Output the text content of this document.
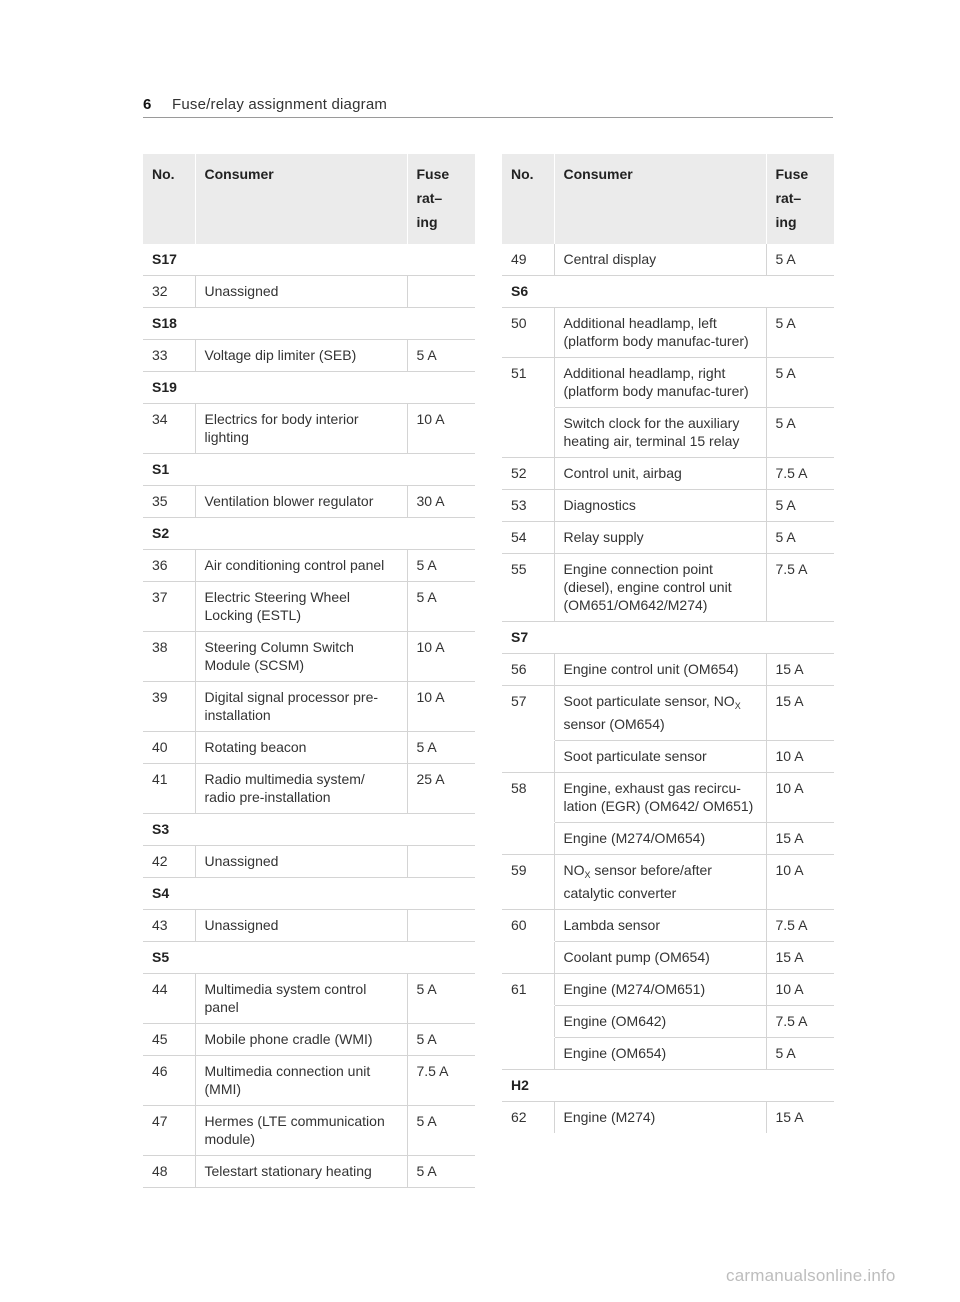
6	Fuse/relay assignment diagram
No.	Consumer	Fuse
rat–
ing

S17		
32	Unassigned	
S18		
33	Voltage dip limiter (SEB)	5 A
S19		
34	Electrics for body interior lighting	10 A
S1		
35	Ventilation blower regulator	30 A
S2		
36	Air conditioning control panel	5 A
37	Electric Steering Wheel Locking (ESTL)	5 A
38	Steering Column Switch Module (SCSM)	10 A
39	Digital signal processor pre-installation	10 A
40	Rotating beacon	5 A
41	Radio multimedia system/ radio pre-installation	25 A
S3		
42	Unassigned	
S4		
43	Unassigned	
S5		
44	Multimedia system control panel	5 A
45	Mobile phone cradle (WMI)	5 A
46	Multimedia connection unit (MMI)	7.5 A
47	Hermes (LTE communication module)	5 A
48	Telestart stationary heating	5 A
No.	Consumer	Fuse
rat–
ing

49	Central display	5 A
S6		
50	Additional headlamp, left (platform body manufac-turer)	5 A
51	Additional headlamp, right (platform body manufac-turer)	5 A
	Switch clock for the auxiliary heating air, terminal 15 relay	5 A
52	Control unit, airbag	7.5 A
53	Diagnostics	5 A
54	Relay supply	5 A
55	Engine connection point (diesel), engine control unit (OM651/OM642/M274)	7.5 A
S7		
56	Engine control unit (OM654)	15 A
57	Soot particulate sensor, $NO_X$ sensor (OM654)	15 A
	Soot particulate sensor	10 A
58	Engine, exhaust gas recircu-lation (EGR) (OM642/ OM651)	10 A
	Engine (M274/OM654)	15 A
59	$NO_X$ sensor before/after catalytic converter	10 A
60	Lambda sensor	7.5 A
	Coolant pump (OM654)	15 A
61	Engine (M274/OM651)	10 A
	Engine (OM642)	7.5 A
	Engine (OM654)	5 A
H2		
62	Engine (M274)	15 A
carmanualsonline.info
